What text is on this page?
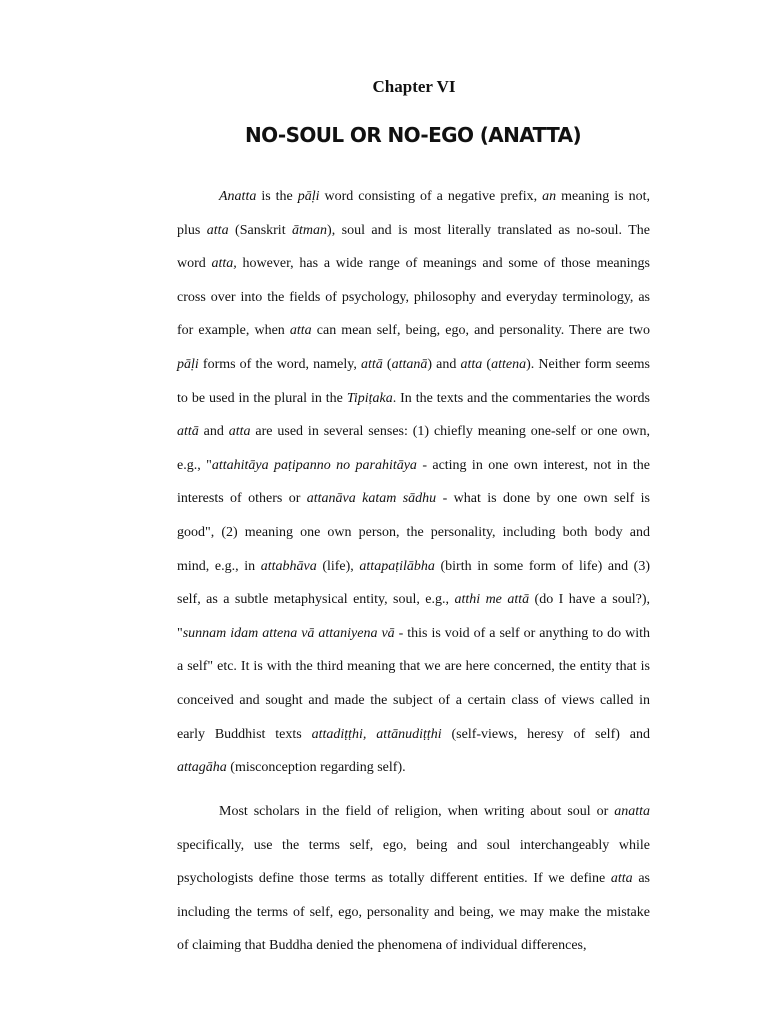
Chapter VI
NO-SOUL OR NO-EGO (ANATTA)
Anatta is the pāḷi word consisting of a negative prefix, an meaning is not,
plus atta (Sanskrit ātman), soul and is most literally translated as no-soul. The
word atta, however, has a wide range of meanings and some of those meanings
cross over into the fields of psychology, philosophy and everyday terminology, as
for example, when atta can mean self, being, ego, and personality. There are two
pāḷi forms of the word, namely, attā (attanā) and atta (attena). Neither form seems
to be used in the plural in the Tipiṭaka. In the texts and the commentaries the words
attā and atta are used in several senses: (1) chiefly meaning one-self or one own,
e.g., "attahitāya paṭipanno no parahitāya - acting in one own interest, not in the
interests of others or attanāva katam sādhu - what is done by one own self is
good", (2) meaning one own person, the personality, including both body and
mind, e.g., in attabhāva (life), attapaṭilābha (birth in some form of life) and (3)
self, as a subtle metaphysical entity, soul, e.g., atthi me attā (do I have a soul?),
"sunnam idam attena vā attaniyena vā - this is void of a self or anything to do with
a self" etc. It is with the third meaning that we are here concerned, the entity that is
conceived and sought and made the subject of a certain class of views called in
early Buddhist texts attadiṭṭhi, attānudiṭṭhi (self-views, heresy of self) and
attagāha (misconception regarding self).
Most scholars in the field of religion, when writing about soul or anatta
specifically, use the terms self, ego, being and soul interchangeably while
psychologists define those terms as totally different entities. If we define atta as
including the terms of self, ego, personality and being, we may make the mistake
of claiming that Buddha denied the phenomena of individual differences,
